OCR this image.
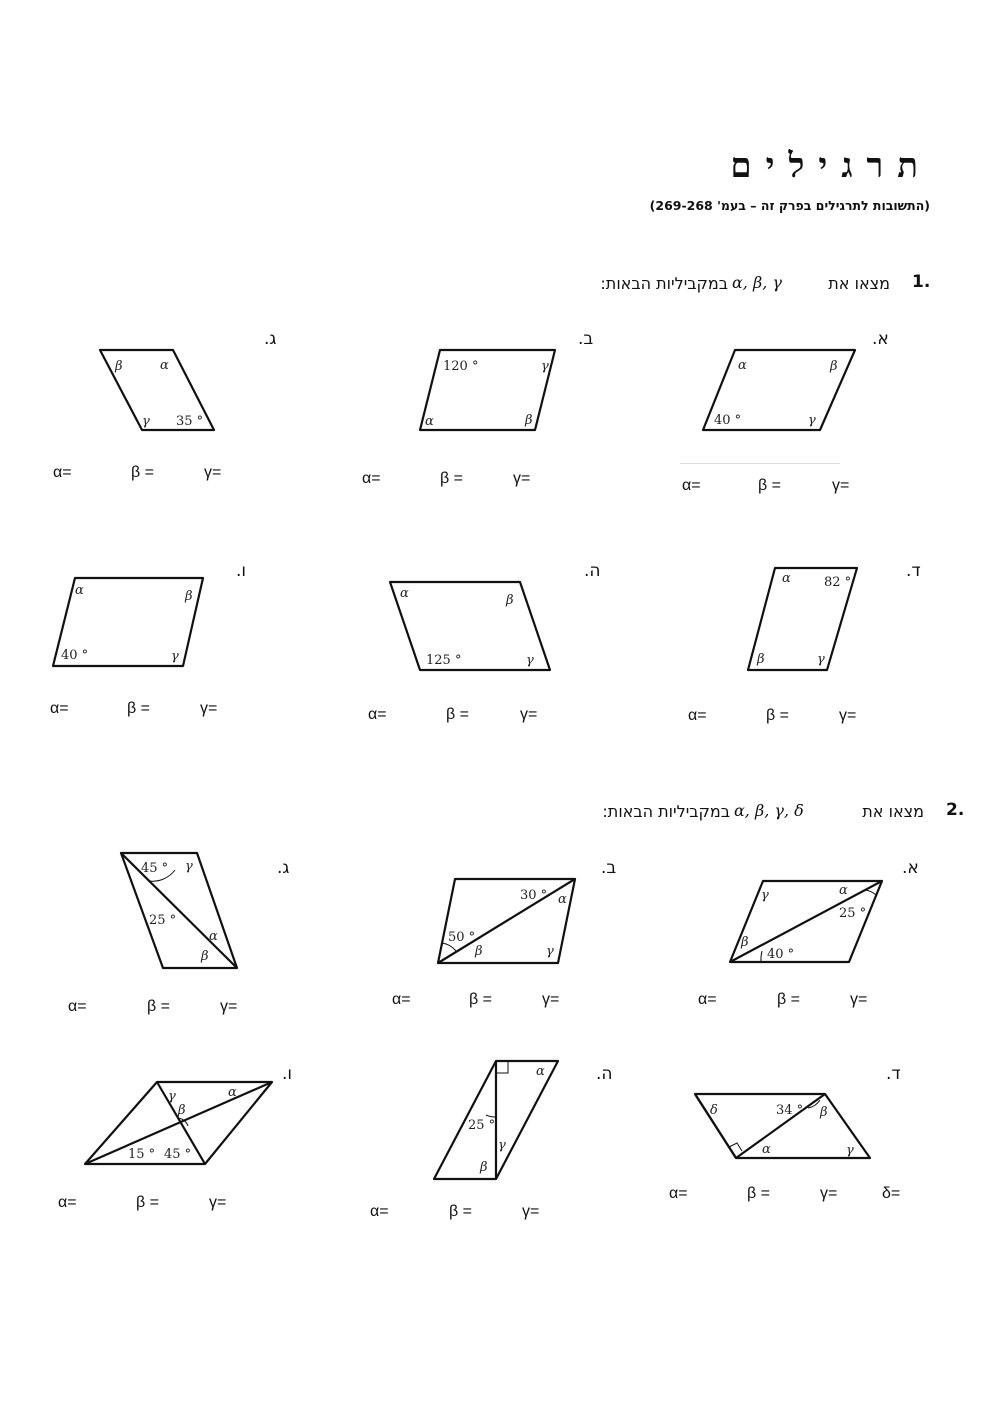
תרגילים
(התשובות לתרגילים בפרק זה – בעמ' 269-268)
1.
מצאו את
α, β, γ
במקביליות הבאות:
א.
ב.
ג.
ד.
ה.
ו.
α	β
γ
40 °
120 °	γ
α	β
β	α
γ 35 °
α	82 °
β	γ
α	β
125 °	γ
α	β
40 °	γ
α=	β =	γ=
α=	β =	γ=
α=	β =	γ=
α=	β =	γ=
α=	β =	γ=
α=	β =	γ=
2.
מצאו את
α, β, γ, δ
במקביליות הבאות:
א.
ב.
ג.
ד.
ה.
ו.
γ	α
25 °
β
40 °
30 ° α
50 °
β	γ
45 ° γ
25 °
α
β
δ	34 ° β
α	γ
α
25 °
γ
β
γ	α
β
15 ° 45 °
α=	β =	γ=
α=	β =	γ=
α=	β =	γ=
α=	β =	γ=	δ=
α=	β =	γ=
α=	β =	γ=
